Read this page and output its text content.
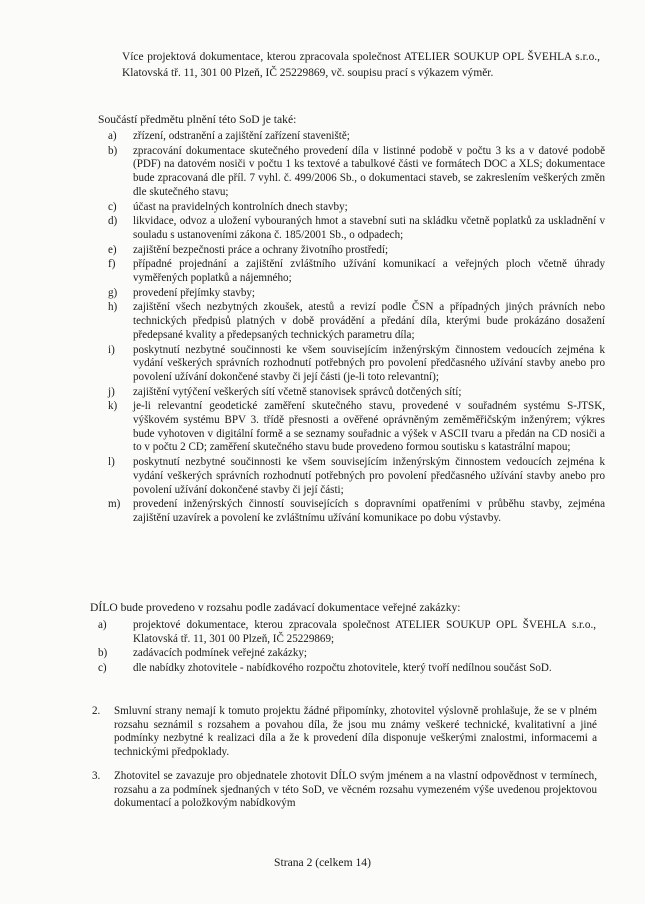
Více projektová dokumentace, kterou zpracovala společnost ATELIER SOUKUP OPL ŠVEHLA s.r.o., Klatovská tř. 11, 301 00 Plzeň, IČ 25229869, vč. soupisu prací s výkazem výměr.

Součástí předmětu plnění této SoD je také:
a)	zřízení, odstranění a zajištění zařízení staveniště;
b)	zpracování dokumentace skutečného provedení díla v listinné podobě v počtu 3 ks a v datové podobě (PDF) na datovém nosiči v počtu 1 ks textové a tabulkové části ve formátech DOC a XLS; dokumentace bude zpracovaná dle příl. 7 vyhl. č. 499/2006 Sb., o dokumentaci staveb, se zakreslením veškerých změn dle skutečného stavu;
c)	účast na pravidelných kontrolních dnech stavby;
d)	likvidace, odvoz a uložení vybouraných hmot a stavební suti na skládku včetně poplatků za uskladnění v souladu s ustanoveními zákona č. 185/2001 Sb., o odpadech;
e)	zajištění bezpečnosti práce a ochrany životního prostředí;
f)	případné projednání a zajištění zvláštního užívání komunikací a veřejných ploch včetně úhrady vyměřených poplatků a nájemného;
g)	provedení přejímky stavby;
h)	zajištění všech nezbytných zkoušek, atestů a revizí podle ČSN a případných jiných právních nebo technických předpisů platných v době provádění a předání díla, kterými bude prokázáno dosažení předepsané kvality a předepsaných technických parametru díla;
i)	poskytnutí nezbytné součinnosti ke všem souvisejícím inženýrským činnostem vedoucích zejména k vydání veškerých správních rozhodnutí potřebných pro povolení předčasného užívání stavby anebo pro povolení užívání dokončené stavby či její části (je-li toto relevantní);
j)	zajištění vytýčení veškerých sítí včetně stanovisek správců dotčených sítí;
k)	je-li relevantní geodetické zaměření skutečného stavu, provedené v souřadném systému S-JTSK, výškovém systému BPV 3. třídě přesnosti a ověřené oprávněným zeměměřičským inženýrem; výkres bude vyhotoven v digitální formě a se seznamy souřadnic a výšek v ASCII tvaru a předán na CD nosiči a to v počtu 2 CD; zaměření skutečného stavu bude provedeno formou soutisku s katastrální mapou;
l)	poskytnutí nezbytné součinnosti ke všem souvisejícím inženýrským činnostem vedoucích zejména k vydání veškerých správních rozhodnutí potřebných pro povolení předčasného užívání stavby anebo pro povolení užívání dokončené stavby či její části;
m)	provedení inženýrských činností souvisejících s dopravními opatřeními v průběhu stavby, zejména zajištění uzavírek a povolení ke zvláštnímu užívání komunikace po dobu výstavby.
DÍLO bude provedeno v rozsahu podle zadávací dokumentace veřejné zakázky:
a)	projektové dokumentace, kterou zpracovala společnost ATELIER SOUKUP OPL ŠVEHLA s.r.o., Klatovská tř. 11, 301 00 Plzeň, IČ 25229869;
b)	zadávacích podmínek veřejné zakázky;
c)	dle nabídky zhotovitele - nabídkového rozpočtu zhotovitele, který tvoří nedílnou součást SoD.
2.	Smluvní strany nemají k tomuto projektu žádné připomínky, zhotovitel výslovně prohlašuje, že se v plném rozsahu seznámil s rozsahem a povahou díla, že jsou mu známy veškeré technické, kvalitativní a jiné podmínky nezbytné k realizaci díla a že k provedení díla disponuje veškerými znalostmi, informacemi a technickými předpoklady.
3.	Zhotovitel se zavazuje pro objednatele zhotovit DÍLO svým jménem a na vlastní odpovědnost v termínech, rozsahu a za podmínek sjednaných v této SoD, ve věcném rozsahu vymezeném výše uvedenou projektovou dokumentací a položkovým nabídkovým
Strana 2 (celkem 14)
